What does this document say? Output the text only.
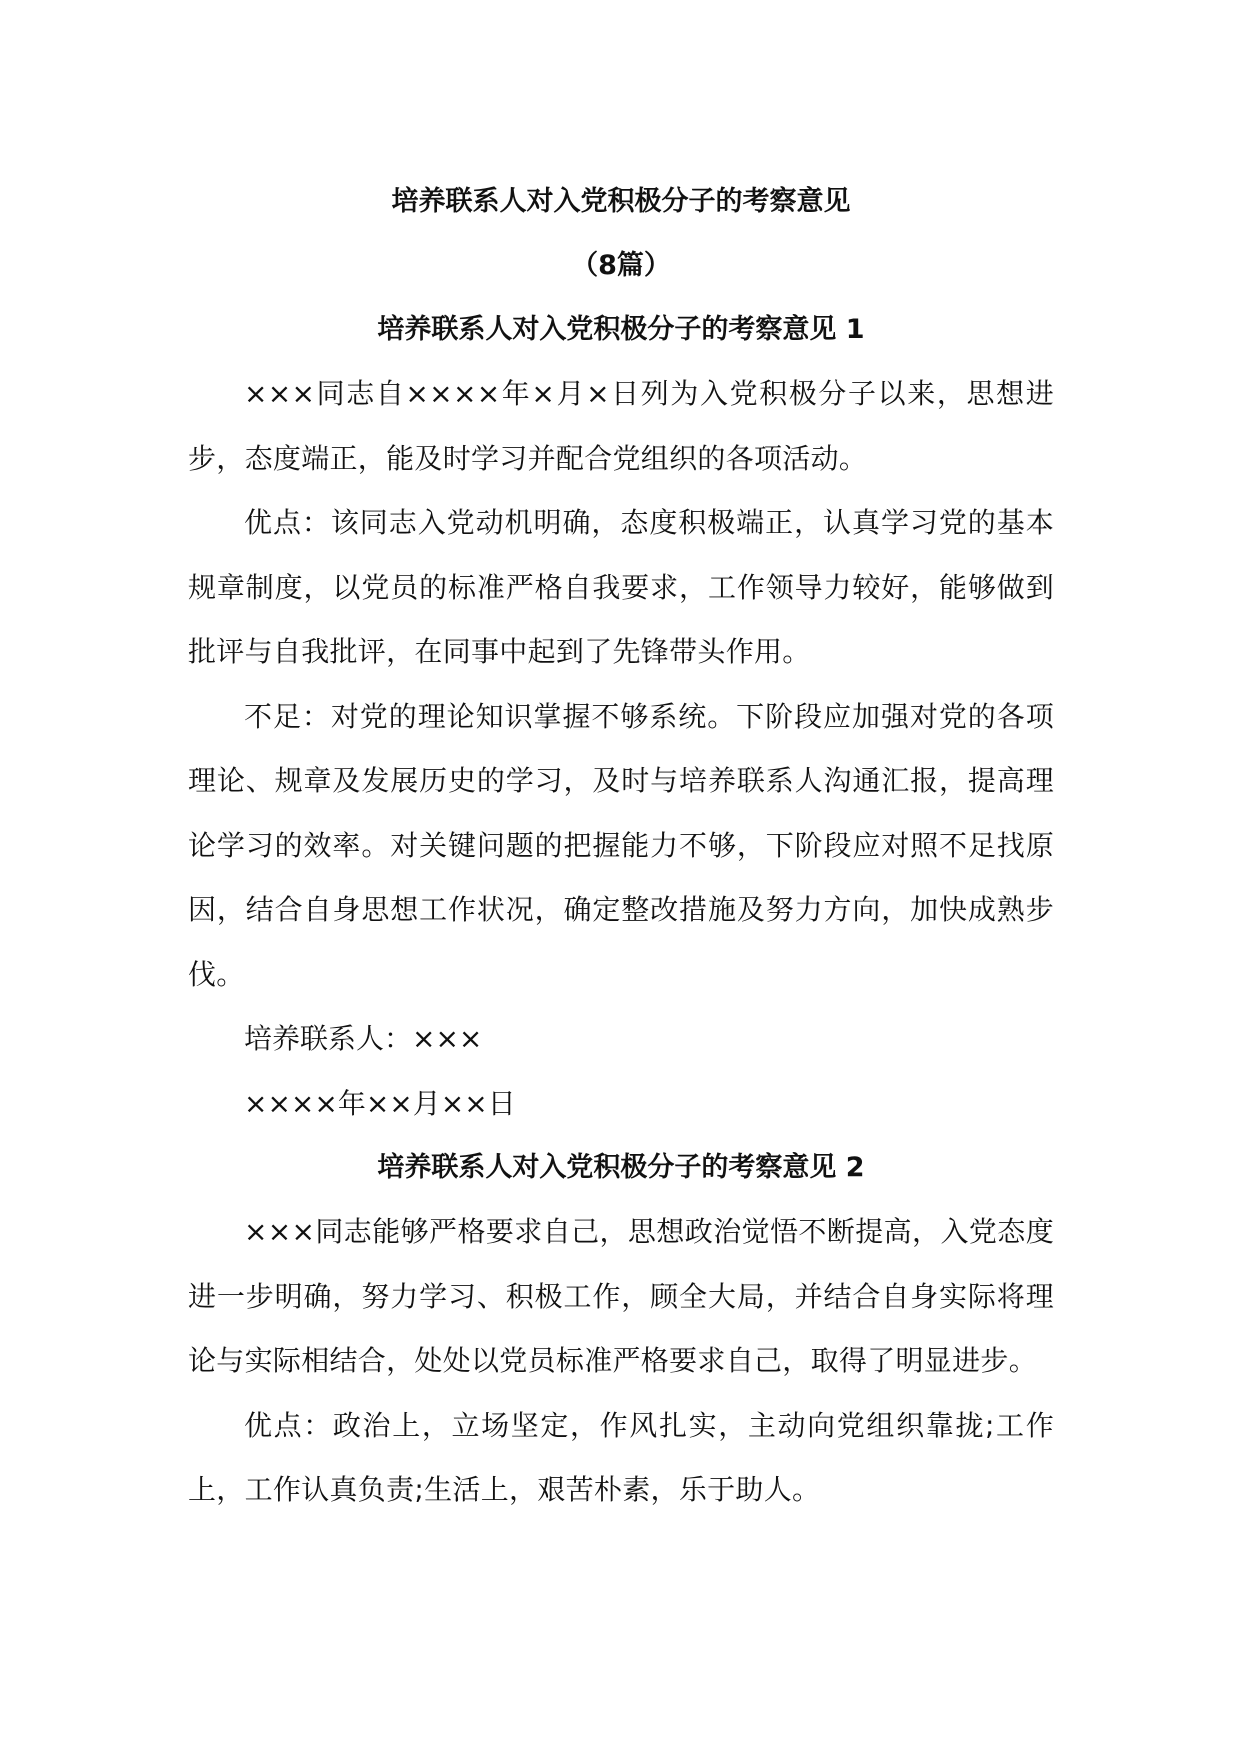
培养联系人对入党积极分子的考察意见
（8篇）
培养联系人对入党积极分子的考察意见 1

×××同志自××××年×月×日列为入党积极分子以来，思想进步，态度端正，能及时学习并配合党组织的各项活动。

优点：该同志入党动机明确，态度积极端正，认真学习党的基本规章制度，以党员的标准严格自我要求，工作领导力较好，能够做到批评与自我批评，在同事中起到了先锋带头作用。

不足：对党的理论知识掌握不够系统。下阶段应加强对党的各项理论、规章及发展历史的学习，及时与培养联系人沟通汇报，提高理论学习的效率。对关键问题的把握能力不够，下阶段应对照不足找原因，结合自身思想工作状况，确定整改措施及努力方向，加快成熟步伐。

培养联系人：×××

××××年××月××日

培养联系人对入党积极分子的考察意见 2

×××同志能够严格要求自己，思想政治觉悟不断提高，入党态度进一步明确，努力学习、积极工作，顾全大局，并结合自身实际将理论与实际相结合，处处以党员标准严格要求自己，取得了明显进步。

优点：政治上，立场坚定，作风扎实，主动向党组织靠拢;工作上，工作认真负责;生活上，艰苦朴素，乐于助人。
